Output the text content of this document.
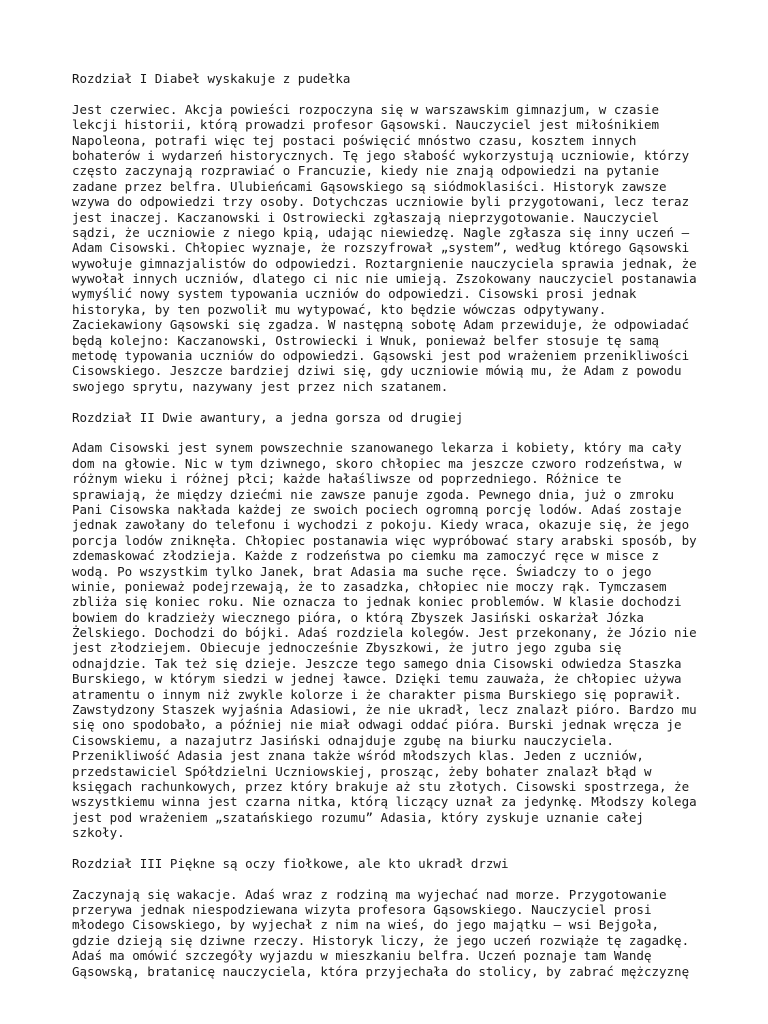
Rozdział I Diabeł wyskakuje z pudełka
Jest czerwiec. Akcja powieści rozpoczyna się w warszawskim gimnazjum, w czasie
lekcji historii, którą prowadzi profesor Gąsowski. Nauczyciel jest miłośnikiem
Napoleona, potrafi więc tej postaci poświęcić mnóstwo czasu, kosztem innych
bohaterów i wydarzeń historycznych. Tę jego słabość wykorzystują uczniowie, którzy
często zaczynają rozprawiać o Francuzie, kiedy nie znają odpowiedzi na pytanie
zadane przez belfra. Ulubieńcami Gąsowskiego są siódmoklasiści. Historyk zawsze
wzywa do odpowiedzi trzy osoby. Dotychczas uczniowie byli przygotowani, lecz teraz
jest inaczej. Kaczanowski i Ostrowiecki zgłaszają nieprzygotowanie. Nauczyciel
sądzi, że uczniowie z niego kpią, udając niewiedzę. Nagle zgłasza się inny uczeń –
Adam Cisowski. Chłopiec wyznaje, że rozszyfrował „system”, według którego Gąsowski
wywołuje gimnazjalistów do odpowiedzi. Roztargnienie nauczyciela sprawia jednak, że
wywołał innych uczniów, dlatego ci nic nie umieją. Zszokowany nauczyciel postanawia
wymyślić nowy system typowania uczniów do odpowiedzi. Cisowski prosi jednak
historyka, by ten pozwolił mu wytypować, kto będzie wówczas odpytywany.
Zaciekawiony Gąsowski się zgadza. W następną sobotę Adam przewiduje, że odpowiadać
będą kolejno: Kaczanowski, Ostrowiecki i Wnuk, ponieważ belfer stosuje tę samą
metodę typowania uczniów do odpowiedzi. Gąsowski jest pod wrażeniem przenikliwości
Cisowskiego. Jeszcze bardziej dziwi się, gdy uczniowie mówią mu, że Adam z powodu
swojego sprytu, nazywany jest przez nich szatanem.
Rozdział II Dwie awantury, a jedna gorsza od drugiej
Adam Cisowski jest synem powszechnie szanowanego lekarza i kobiety, który ma cały
dom na głowie. Nic w tym dziwnego, skoro chłopiec ma jeszcze czworo rodzeństwa, w
różnym wieku i różnej płci; każde hałaśliwsze od poprzedniego. Różnice te
sprawiają, że między dziećmi nie zawsze panuje zgoda. Pewnego dnia, już o zmroku
Pani Cisowska nakłada każdej ze swoich pociech ogromną porcję lodów. Adaś zostaje
jednak zawołany do telefonu i wychodzi z pokoju. Kiedy wraca, okazuje się, że jego
porcja lodów zniknęła. Chłopiec postanawia więc wypróbować stary arabski sposób, by
zdemaskować złodzieja. Każde z rodzeństwa po ciemku ma zamoczyć ręce w misce z
wodą. Po wszystkim tylko Janek, brat Adasia ma suche ręce. Świadczy to o jego
winie, ponieważ podejrzewają, że to zasadzka, chłopiec nie moczy rąk. Tymczasem
zbliża się koniec roku. Nie oznacza to jednak koniec problemów. W klasie dochodzi
bowiem do kradzieży wiecznego pióra, o którą Zbyszek Jasiński oskarżał Józka
Żelskiego. Dochodzi do bójki. Adaś rozdziela kolegów. Jest przekonany, że Józio nie
jest złodziejem. Obiecuje jednocześnie Zbyszkowi, że jutro jego zguba się
odnajdzie. Tak też się dzieje. Jeszcze tego samego dnia Cisowski odwiedza Staszka
Burskiego, w którym siedzi w jednej ławce. Dzięki temu zauważa, że chłopiec używa
atramentu o innym niż zwykle kolorze i że charakter pisma Burskiego się poprawił.
Zawstydzony Staszek wyjaśnia Adasiowi, że nie ukradł, lecz znalazł pióro. Bardzo mu
się ono spodobało, a później nie miał odwagi oddać pióra. Burski jednak wręcza je
Cisowskiemu, a nazajutrz Jasiński odnajduje zgubę na biurku nauczyciela.
Przenikliwość Adasia jest znana także wśród młodszych klas. Jeden z uczniów,
przedstawiciel Spółdzielni Uczniowskiej, prosząc, żeby bohater znalazł błąd w
księgach rachunkowych, przez który brakuje aż stu złotych. Cisowski spostrzega, że
wszystkiemu winna jest czarna nitka, którą liczący uznał za jedynkę. Młodszy kolega
jest pod wrażeniem „szatańskiego rozumu” Adasia, który zyskuje uznanie całej
szkoły.
Rozdział III Piękne są oczy fiołkowe, ale kto ukradł drzwi
Zaczynają się wakacje. Adaś wraz z rodziną ma wyjechać nad morze. Przygotowanie
przerywa jednak niespodziewana wizyta profesora Gąsowskiego. Nauczyciel prosi
młodego Cisowskiego, by wyjechał z nim na wieś, do jego majątku – wsi Bejgoła,
gdzie dzieją się dziwne rzeczy. Historyk liczy, że jego uczeń rozwiąże tę zagadkę.
Adaś ma omówić szczegóły wyjazdu w mieszkaniu belfra. Uczeń poznaje tam Wandę
Gąsowską, bratanicę nauczyciela, która przyjechała do stolicy, by zabrać mężczyznę
